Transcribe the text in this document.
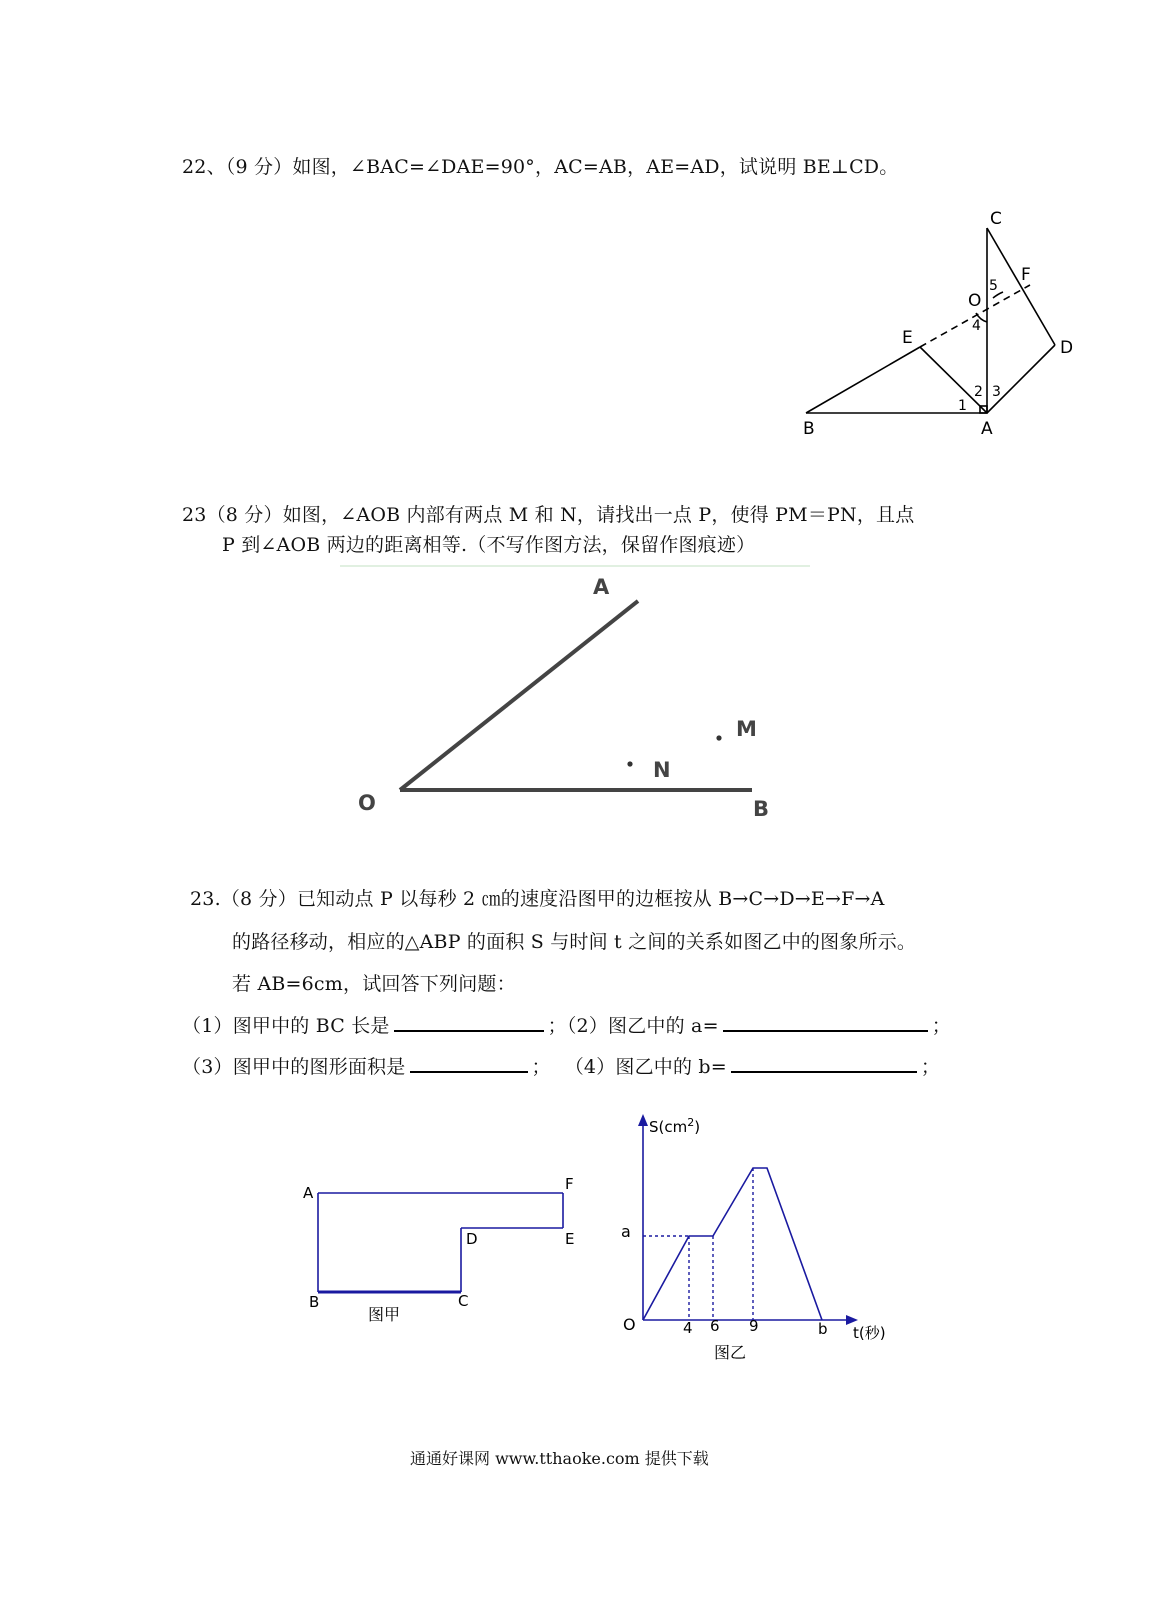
22、（9 分）如图，∠BAC=∠DAE=90°，AC=AB，AE=AD，试说明 BE⊥CD。
C
F
O
5
4
E	D
2 3
1
B	A
23（8 分）如图，∠AOB 内部有两点 M 和 N，请找出一点 P，使得 PM＝PN，且点
P 到∠AOB 两边的距离相等.（不写作图方法，保留作图痕迹）
A
O	B
M
N
23.（8 分）已知动点 P 以每秒 2 ㎝的速度沿图甲的边框按从 B→C→D→E→F→A
的路径移动，相应的△ABP 的面积 S 与时间 t 之间的关系如图乙中的图象所示。
若 AB=6cm，试回答下列问题：
（1）图甲中的 BC 长是	；（2）图乙中的 a=	；
（3）图甲中的图形面积是	； （4）图乙中的 b=	；
A	F
E
D
B	C
图甲
$S(cm^2)$
a
O	4 6 9	b t(秒)
图乙
通通好课网 www.tthaoke.com 提供下载
